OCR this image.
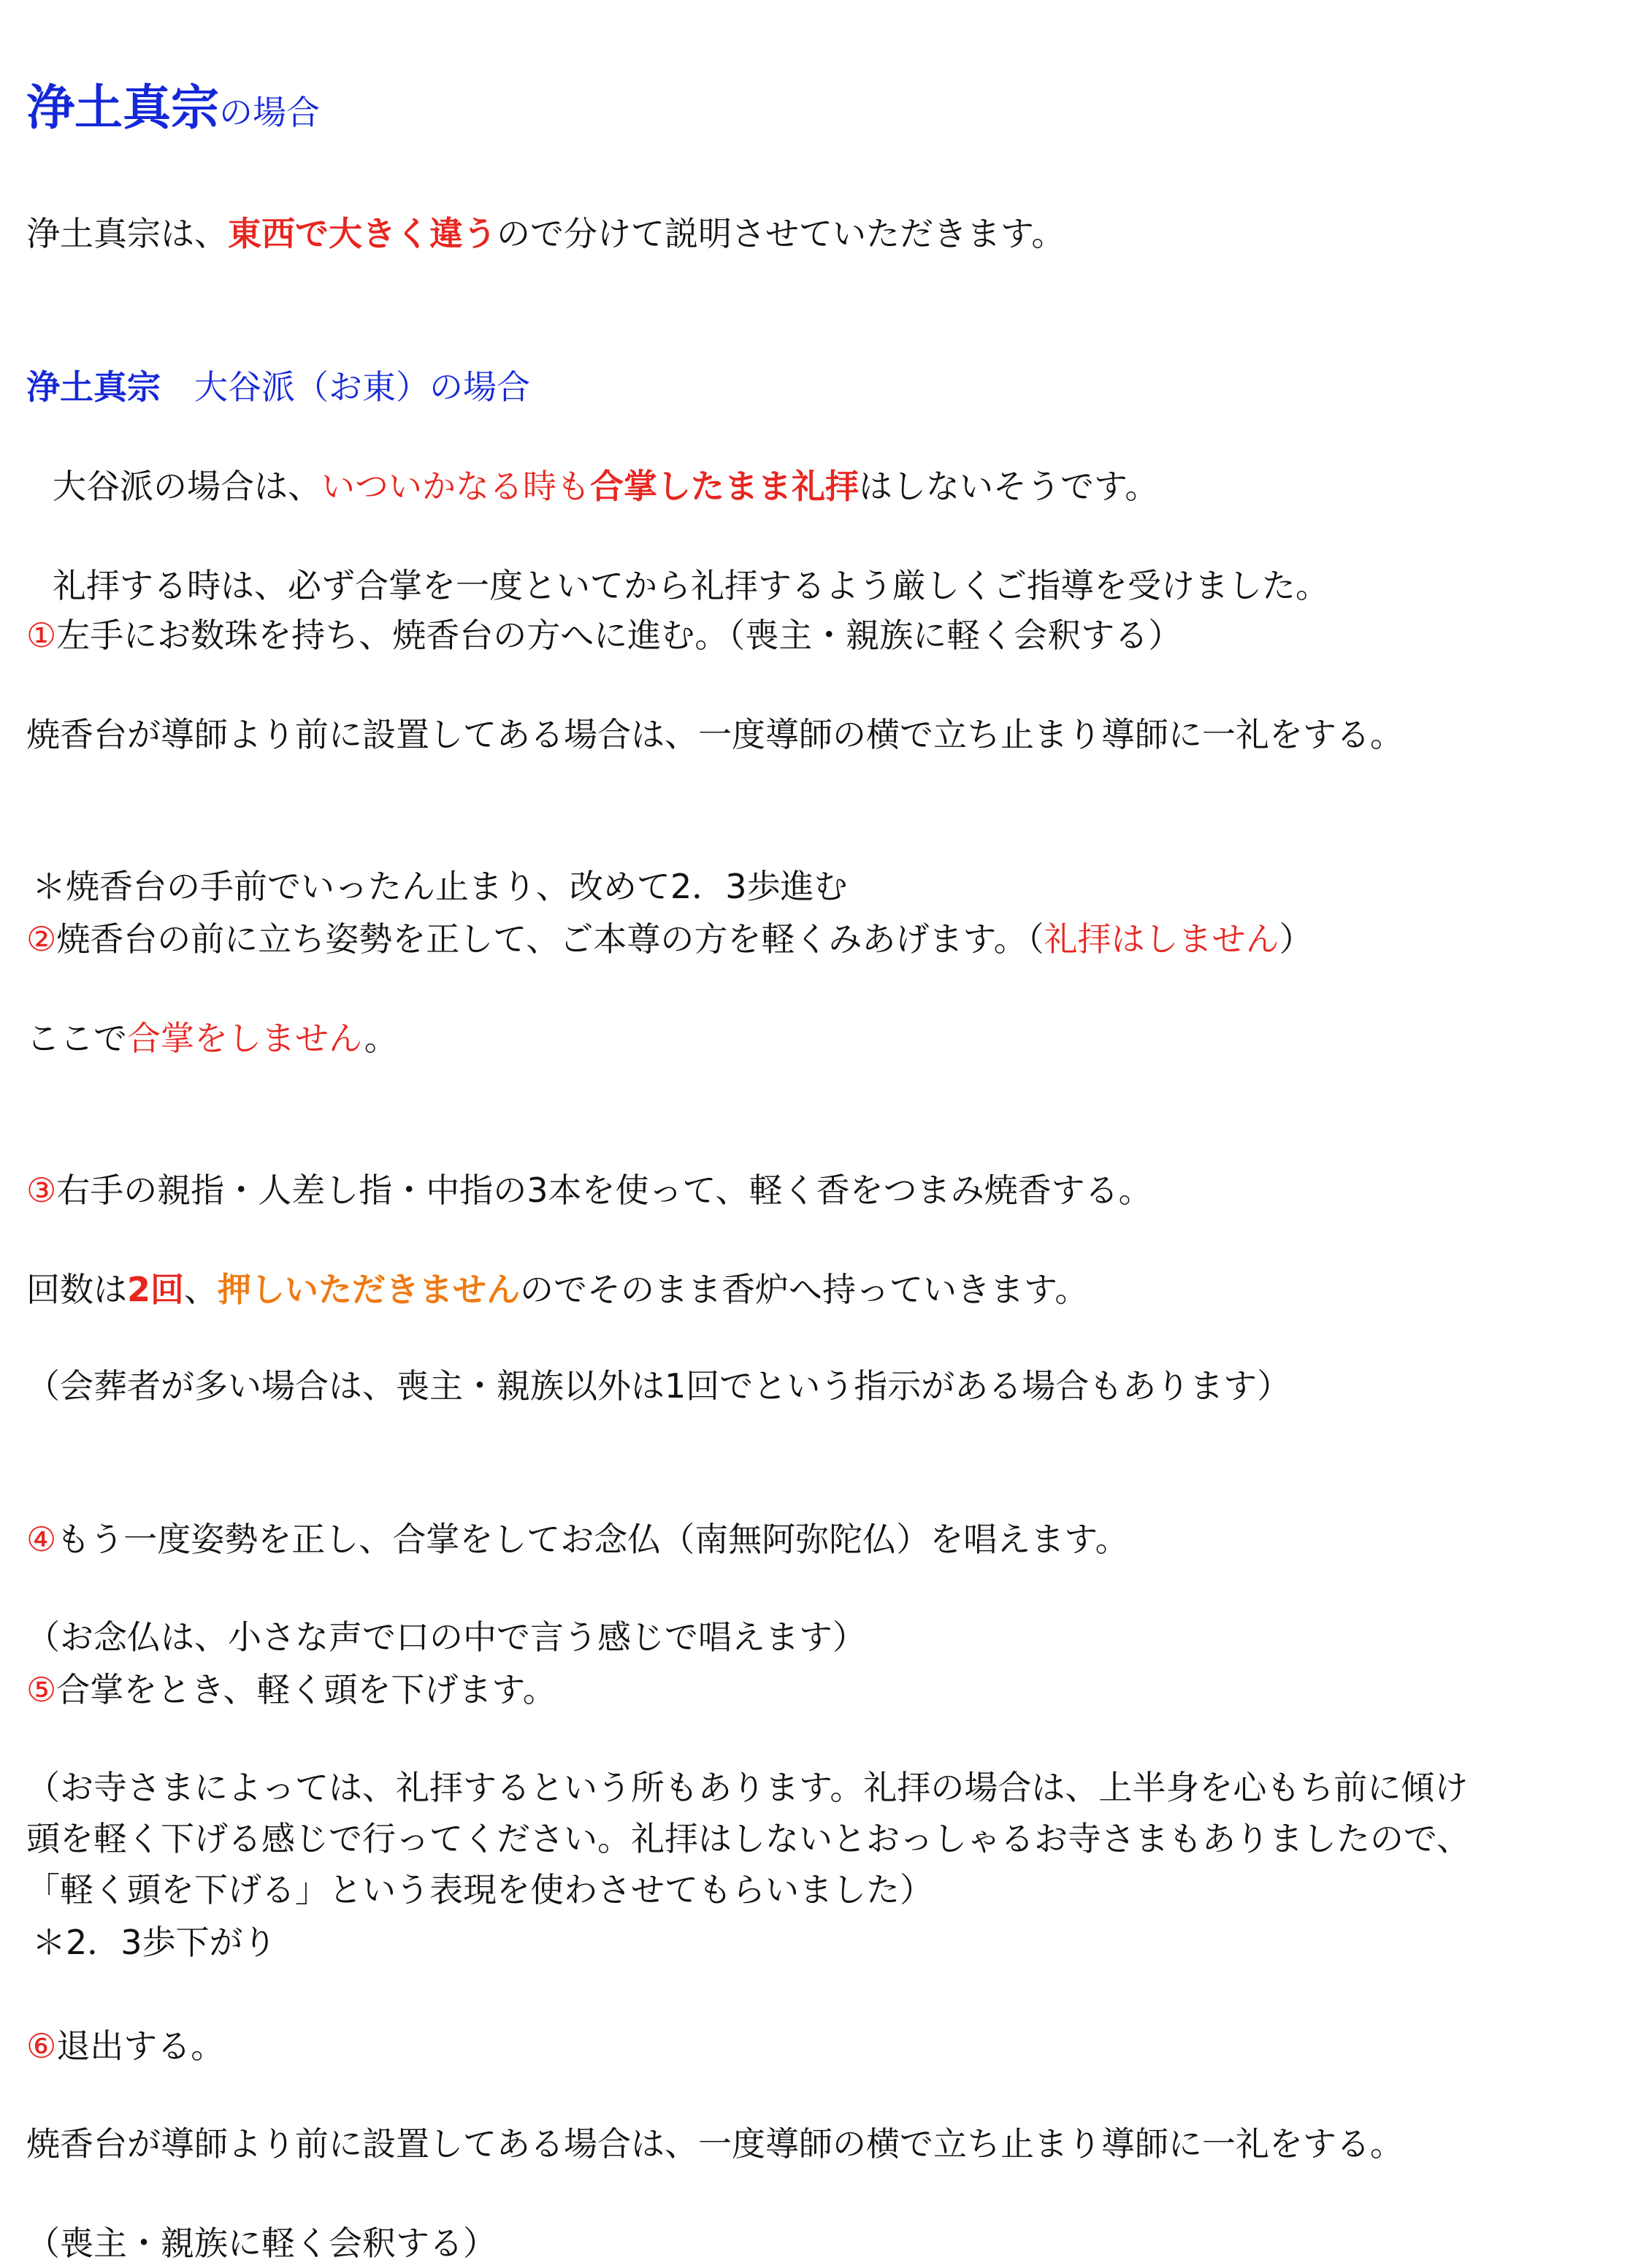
浄土真宗の場合
浄土真宗は、東西で大きく違うので分けて説明させていただきます。
浄土真宗 大谷派（お東）の場合
大谷派の場合は、いついかなる時も合掌したまま礼拝はしないそうです。
礼拝する時は、必ず合掌を一度といてから礼拝するよう厳しくご指導を受けました。
①左手にお数珠を持ち、焼香台の方へに進む。（喪主・親族に軽く会釈する）
焼香台が導師より前に設置してある場合は、一度導師の横で立ち止まり導師に一礼をする。
＊焼香台の手前でいったん止まり、改めて2．3歩進む
②焼香台の前に立ち姿勢を正して、ご本尊の方を軽くみあげます。（礼拝はしません）
ここで合掌をしません。
③右手の親指・人差し指・中指の3本を使って、軽く香をつまみ焼香する。
回数は2回、押しいただきませんのでそのまま香炉へ持っていきます。
（会葬者が多い場合は、喪主・親族以外は1回でという指示がある場合もあります）
④もう一度姿勢を正し、合掌をしてお念仏（南無阿弥陀仏）を唱えます。
（お念仏は、小さな声で口の中で言う感じで唱えます）
⑤合掌をとき、軽く頭を下げます。
（お寺さまによっては、礼拝するという所もあります。礼拝の場合は、上半身を心もち前に傾け
頭を軽く下げる感じで行ってください。礼拝はしないとおっしゃるお寺さまもありましたので、
「軽く頭を下げる」という表現を使わさせてもらいました）
＊2．3歩下がり
⑥退出する。
焼香台が導師より前に設置してある場合は、一度導師の横で立ち止まり導師に一礼をする。
（喪主・親族に軽く会釈する）
